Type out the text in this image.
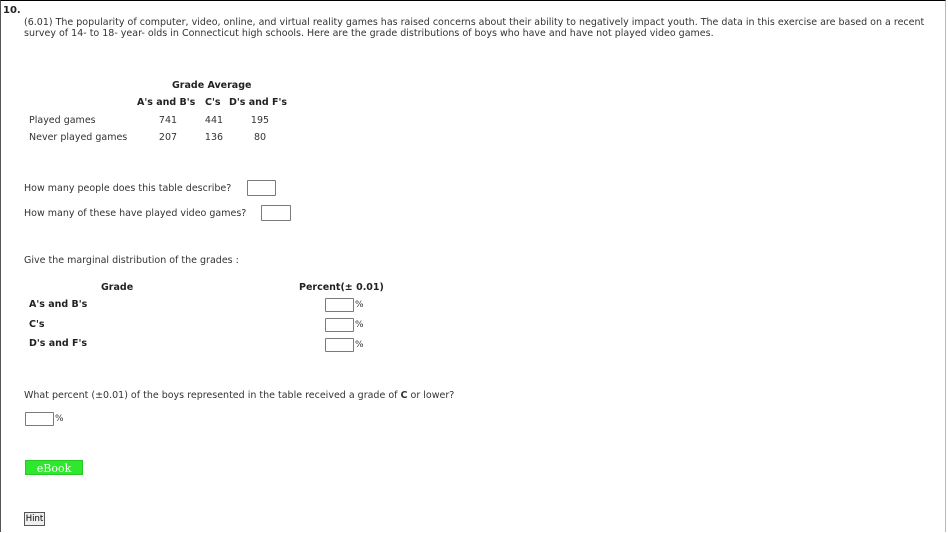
10.
(6.01) The popularity of computer, video, online, and virtual reality games has raised concerns about their ability to negatively impact youth. The data in this exercise are based on a recent survey of 14- to 18- year- olds in Connecticut high schools. Here are the grade distributions of boys who have and have not played video games.
Grade Average
A's and B's C's D's and F's
Played games	741	441	195
Never played games	207	136	80
How many people does this table describe?
How many of these have played video games?
Give the marginal distribution of the grades :
Grade	Percent(± 0.01)
A's and B's	%
C's	%
D's and F's	%
What percent (±0.01) of the boys represented in the table received a grade of C or lower?
%
eBook
Hint
